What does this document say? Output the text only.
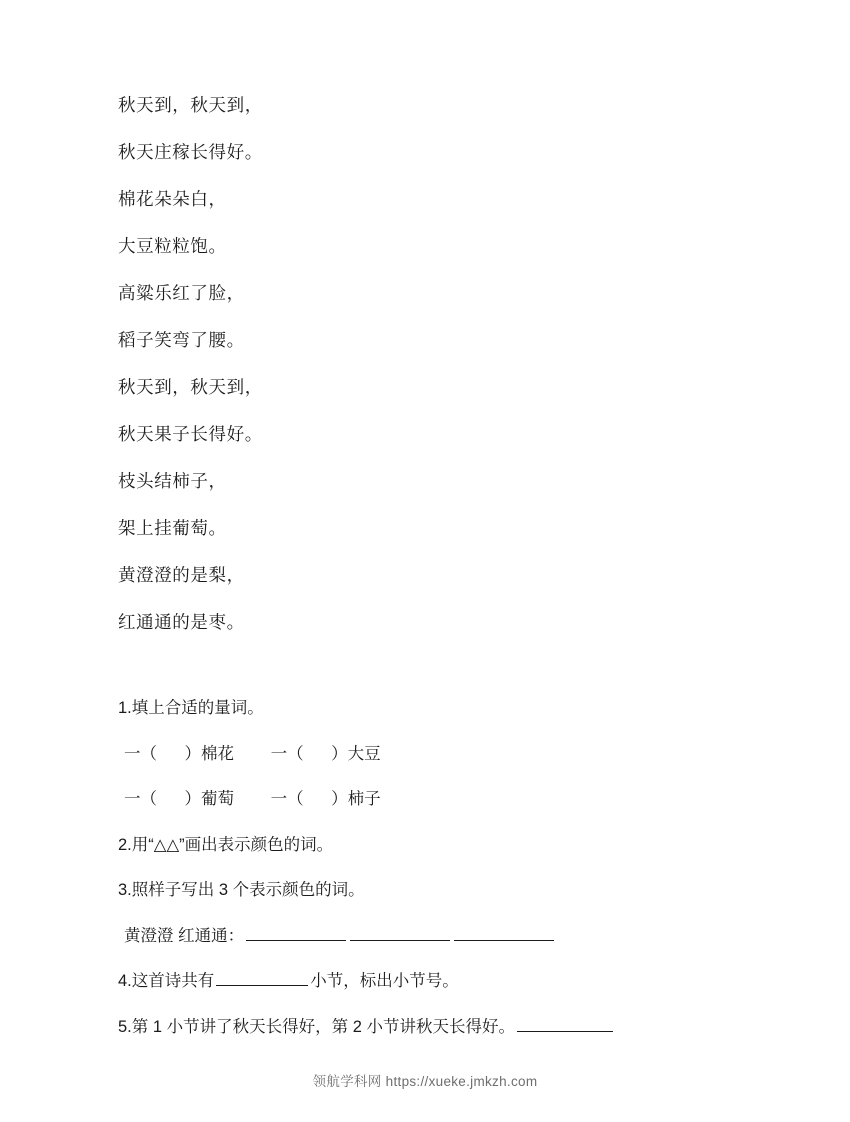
秋天到，秋天到，
秋天庄稼长得好。
棉花朵朵白，
大豆粒粒饱。
高粱乐红了脸，
稻子笑弯了腰。
秋天到，秋天到，
秋天果子长得好。
枝头结柿子，
架上挂葡萄。
黄澄澄的是梨，
红通通的是枣。
1.填上合适的量词。
一（      ）棉花        一（      ）大豆
一（      ）葡萄        一（      ）柿子
2.用“△△”画出表示颜色的词。
3.照样子写出 3 个表示颜色的词。
黄澄澄 红通通：
4.这首诗共有	小节，标出小节号。
5.第 1 小节讲了秋天长得好，第 2 小节讲秋天长得好。
领航学科网 https://xueke.jmkzh.com
